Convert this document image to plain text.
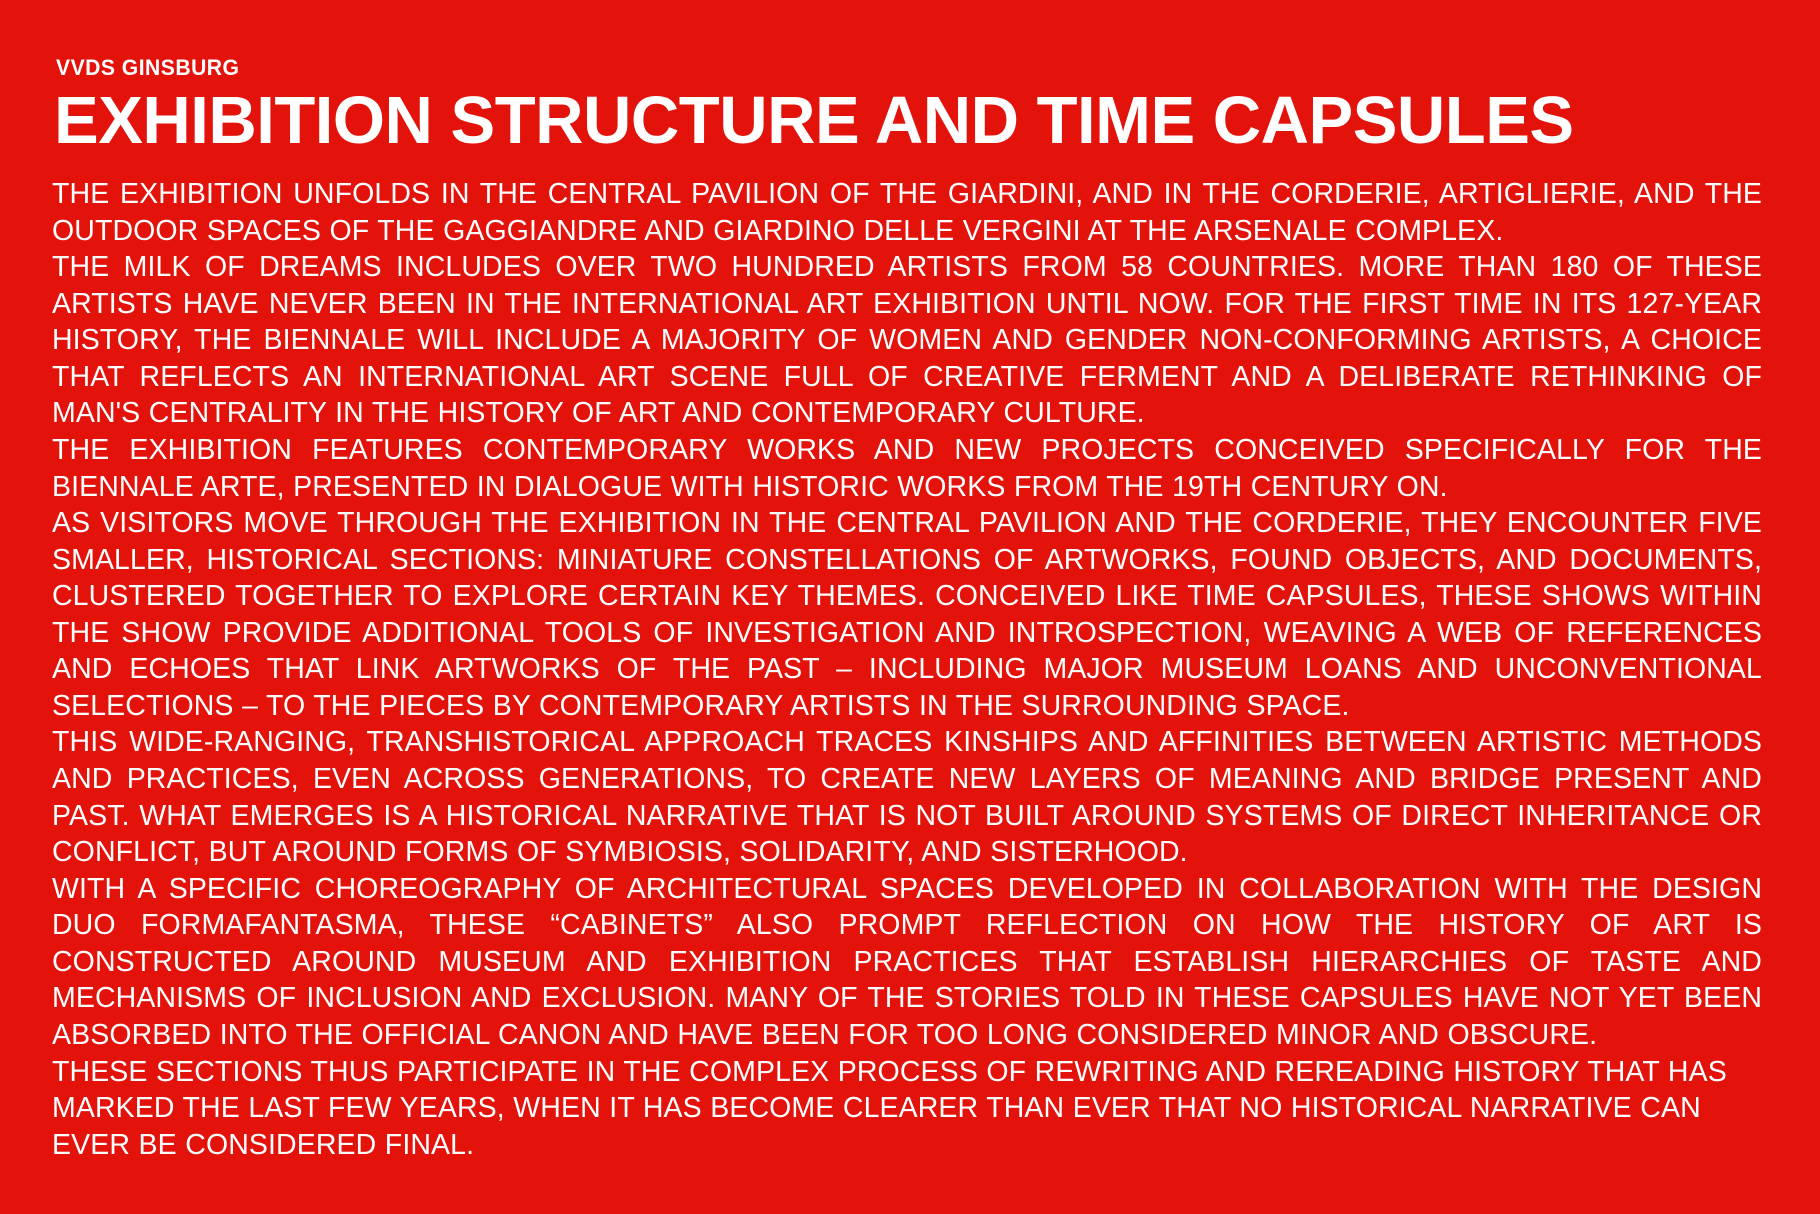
VVDS GINSBURG
EXHIBITION STRUCTURE AND TIME CAPSULES

THE EXHIBITION UNFOLDS IN THE CENTRAL PAVILION OF THE GIARDINI, AND IN THE CORDERIE, ARTIGLIERIE, AND THE OUTDOOR SPACES OF THE GAGGIANDRE AND GIARDINO DELLE VERGINI AT THE ARSENALE COMPLEX.

THE MILK OF DREAMS INCLUDES OVER TWO HUNDRED ARTISTS FROM 58 COUNTRIES. MORE THAN 180 OF THESE ARTISTS HAVE NEVER BEEN IN THE INTERNATIONAL ART EXHIBITION UNTIL NOW. FOR THE FIRST TIME IN ITS 127-YEAR HISTORY, THE BIENNALE WILL INCLUDE A MAJORITY OF WOMEN AND GENDER NON-CONFORMING ARTISTS, A CHOICE THAT REFLECTS AN INTERNATIONAL ART SCENE FULL OF CREATIVE FERMENT AND A DELIBERATE RETHINKING OF MAN'S CENTRALITY IN THE HISTORY OF ART AND CONTEMPORARY CULTURE.

THE EXHIBITION FEATURES CONTEMPORARY WORKS AND NEW PROJECTS CONCEIVED SPECIFICALLY FOR THE BIENNALE ARTE, PRESENTED IN DIALOGUE WITH HISTORIC WORKS FROM THE 19TH CENTURY ON.

AS VISITORS MOVE THROUGH THE EXHIBITION IN THE CENTRAL PAVILION AND THE CORDERIE, THEY ENCOUNTER FIVE SMALLER, HISTORICAL SECTIONS: MINIATURE CONSTELLATIONS OF ARTWORKS, FOUND OBJECTS, AND DOCUMENTS, CLUSTERED TOGETHER TO EXPLORE CERTAIN KEY THEMES. CONCEIVED LIKE TIME CAPSULES, THESE SHOWS WITHIN THE SHOW PROVIDE ADDITIONAL TOOLS OF INVESTIGATION AND INTROSPECTION, WEAVING A WEB OF REFERENCES AND ECHOES THAT LINK ARTWORKS OF THE PAST – INCLUDING MAJOR MUSEUM LOANS AND UNCONVENTIONAL SELECTIONS – TO THE PIECES BY CONTEMPORARY ARTISTS IN THE SURROUNDING SPACE.

THIS WIDE-RANGING, TRANSHISTORICAL APPROACH TRACES KINSHIPS AND AFFINITIES BETWEEN ARTISTIC METHODS AND PRACTICES, EVEN ACROSS GENERATIONS, TO CREATE NEW LAYERS OF MEANING AND BRIDGE PRESENT AND PAST. WHAT EMERGES IS A HISTORICAL NARRATIVE THAT IS NOT BUILT AROUND SYSTEMS OF DIRECT INHERITANCE OR CONFLICT, BUT AROUND FORMS OF SYMBIOSIS, SOLIDARITY, AND SISTERHOOD.

WITH A SPECIFIC CHOREOGRAPHY OF ARCHITECTURAL SPACES DEVELOPED IN COLLABORATION WITH THE DESIGN DUO FORMAFANTASMA, THESE “CABINETS” ALSO PROMPT REFLECTION ON HOW THE HISTORY OF ART IS CONSTRUCTED AROUND MUSEUM AND EXHIBITION PRACTICES THAT ESTABLISH HIERARCHIES OF TASTE AND MECHANISMS OF INCLUSION AND EXCLUSION. MANY OF THE STORIES TOLD IN THESE CAPSULES HAVE NOT YET BEEN ABSORBED INTO THE OFFICIAL CANON AND HAVE BEEN FOR TOO LONG CONSIDERED MINOR AND OBSCURE.

THESE SECTIONS THUS PARTICIPATE IN THE COMPLEX PROCESS OF REWRITING AND REREADING HISTORY THAT HAS MARKED THE LAST FEW YEARS, WHEN IT HAS BECOME CLEARER THAN EVER THAT NO HISTORICAL NARRATIVE CAN EVER BE CONSIDERED FINAL.
